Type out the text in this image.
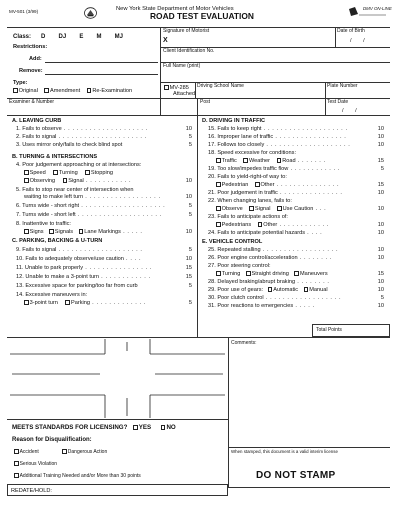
MV-501 (3/99)	New York State Department of Motor Vehicles
ROAD TEST EVALUATION
DMV ON-LINE
Class: D DJ E M MJ
Restrictions:
Add:
Remove:
Type:
Original Amendment Re-Examination	MV-285
Attached
Examiner & Number
Signature of Motorist
X
Date of Birth
/ /
Client Identification No.
Full Name (print)
Driving School Name	Plate Number
Post	Test Date
/ /
A. LEAVING CURB
1. Fails to observe . . . . . . . . . . . . . . . . . . . .	10
2. Fails to signal . . . . . . . . . . . . . . . . . . . . .	5
3. Uses mirror only/fails to check blind spot	5
B. TURNING & INTERSECTIONS
4. Poor judgement approaching or at intersections:
Speed Turning Stopping
Observing Signal . . . . . . . . . . .	10
5. Fails to stop near center of intersection when
waiting to make left turn . . . . . . . . . . . . . . . . . .	10
6. Turns wide - short right . . . . . . . . . . . . . . . . . . . .	5
7. Turns wide - short left . . . . . . . . . . . . . . . . . . . .	5
8. Inattentive to traffic:
Signs Signals Lane Markings . . . . .	10
C. PARKING, BACKING & U-TURN
9. Fails to signal . . . . . . . . . . . . . . . . . . . .	5
10. Fails to adequately observe/use caution . . . .	10
11. Unable to park properly . . . . . . . . . . . . . . . .	15
12. Unable to make a 3-point turn . . . . . . . . . . . .	15
13. Excessive space for parking/too far from curb	5
14. Excessive maneuvers in:
3-point turn Parking . . . . . . . . . . . . .	5
D. DRIVING IN TRAFFIC
15. Fails to keep right . . . . . . . . . . . . . . . . . . . .	10
16. Improper lane of traffic . . . . . . . . . . . . . . . . .	10
17. Follows too closely . . . . . . . . . . . . . . . . . . . .	10
18. Speed excessive for conditions:
Traffic Weather Road . . . . . . .	15
19. Too slow/impedes traffic flow . . . . . . . . . . . .	5
20. Fails to yield-right-of way to:
Pedestrian Other . . . . . . . . . . . . . . .	15
21. Poor judgement in traffic . . . . . . . . . . . . . . .	10
22. When changing lanes, fails to:
Observe Signal Use Caution . . .	10
23. Fails to anticipate actions of:
Pedestrians Other . . . . . . . . . . . .	10
24. Fails to anticipate potential hazards . . . .	10
E. VEHICLE CONTROL
25. Repeated stalling . . . . . . . . . . . . . . . . . .	10
26. Poor engine control/acceleration . . . . . . . .	10
27. Poor steering control:
Turning Straight driving Maneuvers	15
28. Delayed braking/abrupt braking . . . . . . . .	10
29. Poor use of gears: Automatic Manual	10
30. Poor clutch control . . . . . . . . . . . . . . . . . .	5
31. Poor reactions to emergencies . . . . .	10
Total Points
Comments:
MEETS STANDARDS FOR LICENSING? YES NO
Reason for Disqualification:
Accident	Dangerous Action
Serious Violation
Additional Training Needed and/or More than 30 points
REDATE/HOLD:
When stamped, this document is a valid interim license
DO NOT STAMP
